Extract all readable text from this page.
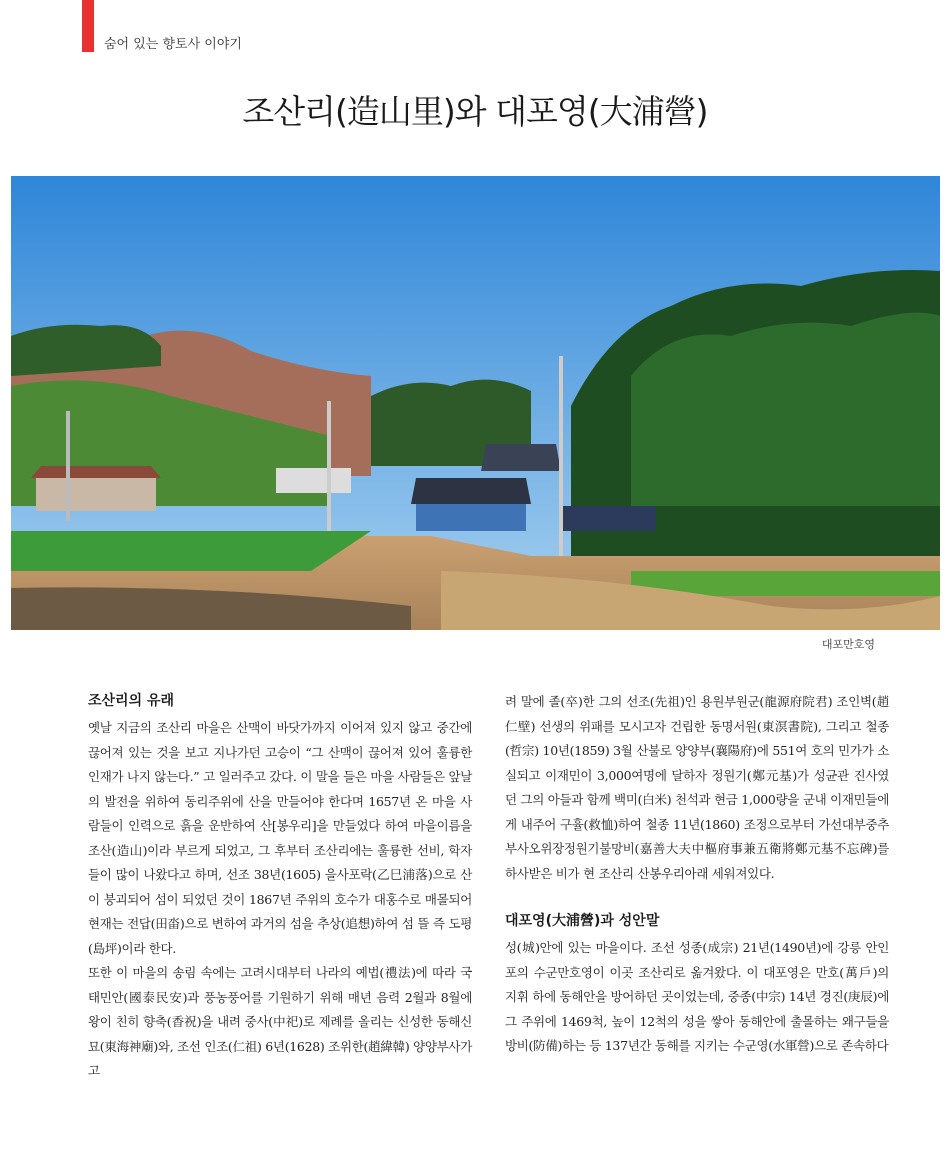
숨어 있는 향토사 이야기
조산리(造山里)와 대포영(大浦營)
대포만호영
조산리의 유래

옛날 지금의 조산리 마을은 산맥이 바닷가까지 이어져 있지 않고 중간에 끊어져 있는 것을 보고 지나가던 고승이 “그 산맥이 끊어져 있어 훌륭한 인재가 나지 않는다.” 고 일러주고 갔다. 이 말을 들은 마을 사람들은 앞날의 발전을 위하여 동리주위에 산을 만들어야 한다며 1657년 온 마을 사람들이 인력으로 흙을 운반하여 산[봉우리]을 만들었다 하여 마을이름을 조산(造山)이라 부르게 되었고, 그 후부터 조산리에는 훌륭한 선비, 학자들이 많이 나왔다고 하며, 선조 38년(1605) 을사포락(乙巳浦落)으로 산이 붕괴되어 섬이 되었던 것이 1867년 주위의 호수가 대홍수로 매몰되어 현재는 전답(田畓)으로 변하여 과거의 섬을 추상(追想)하여 섬 뜰 즉 도평(島坪)이라 한다.

또한 이 마을의 송림 속에는 고려시대부터 나라의 예법(禮法)에 따라 국태민안(國泰民安)과 풍농풍어를 기원하기 위해 매년 음력 2월과 8월에 왕이 친히 향축(香祝)을 내려 중사(中祀)로 제례를 올리는 신성한 동해신묘(東海神廟)와, 조선 인조(仁祖) 6년(1628) 조위한(趙緯韓) 양양부사가 고

려 말에 졸(卒)한 그의 선조(先祖)인 용원부원군(龍源府院君) 조인벽(趙仁壁) 선생의 위패를 모시고자 건립한 동명서원(東溟書院), 그리고 철종(哲宗) 10년(1859) 3월 산불로 양양부(襄陽府)에 551여 호의 민가가 소실되고 이재민이 3,000여명에 달하자 정원기(鄭元基)가 성균관 진사였던 그의 아들과 함께 백미(白米) 천석과 현금 1,000량을 군내 이재민들에게 내주어 구휼(救恤)하여 철종 11년(1860) 조정으로부터 가선대부중추부사오위장정원기불망비(嘉善大夫中樞府事兼五衛將鄭元基不忘碑)를 하사받은 비가 현 조산리 산봉우리아래 세워져있다.

대포영(大浦營)과 성안말

성(城)안에 있는 마을이다. 조선 성종(成宗) 21년(1490년)에 강릉 안인포의 수군만호영이 이곳 조산리로 옮겨왔다. 이 대포영은 만호(萬戶)의 지휘 하에 동해안을 방어하던 곳이었는데, 중종(中宗) 14년 경진(庚辰)에 그 주위에 1469척, 높이 12척의 성을 쌓아 동해안에 출몰하는 왜구들을 방비(防備)하는 등 137년간 동해를 지키는 수군영(水軍營)으로 존속하다
